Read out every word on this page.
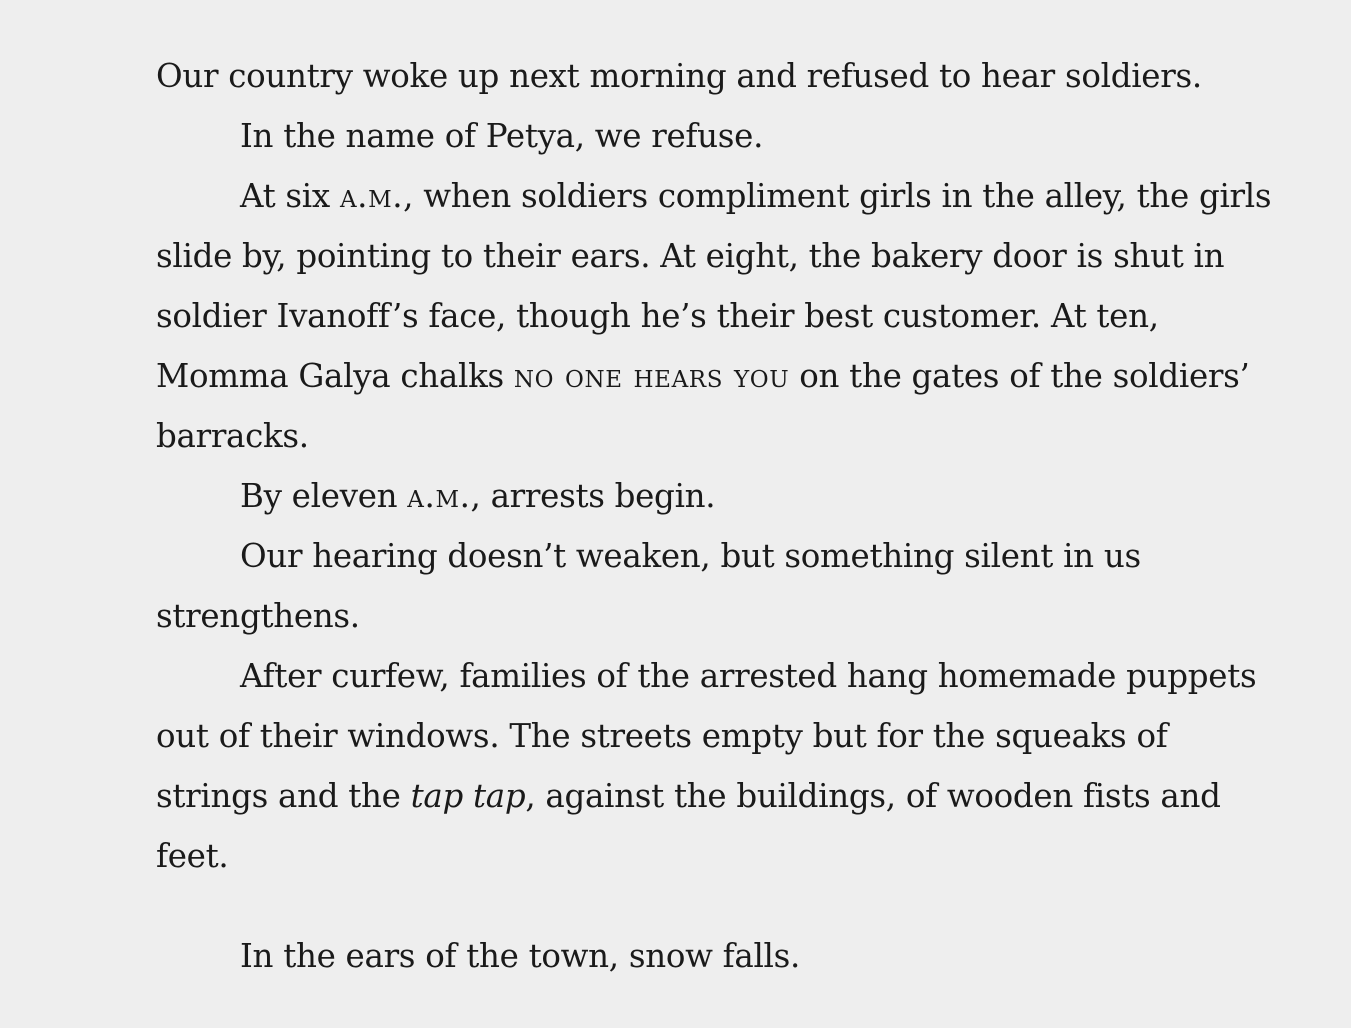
Our country woke up next morning and refused to hear soldiers.

In the name of Petya, we refuse.

At six a.m., when soldiers compliment girls in the alley, the girls slide by, pointing to their ears. At eight, the bakery door is shut in soldier Ivanoff’s face, though he’s their best customer. At ten, Momma Galya chalks no one hears you on the gates of the soldiers’ barracks.

By eleven a.m., arrests begin.

Our hearing doesn’t weaken, but something silent in us strengthens.

After curfew, families of the arrested hang homemade puppets out of their windows. The streets empty but for the squeaks of strings and the tap tap, against the buildings, of wooden fists and feet.

In the ears of the town, snow falls.
